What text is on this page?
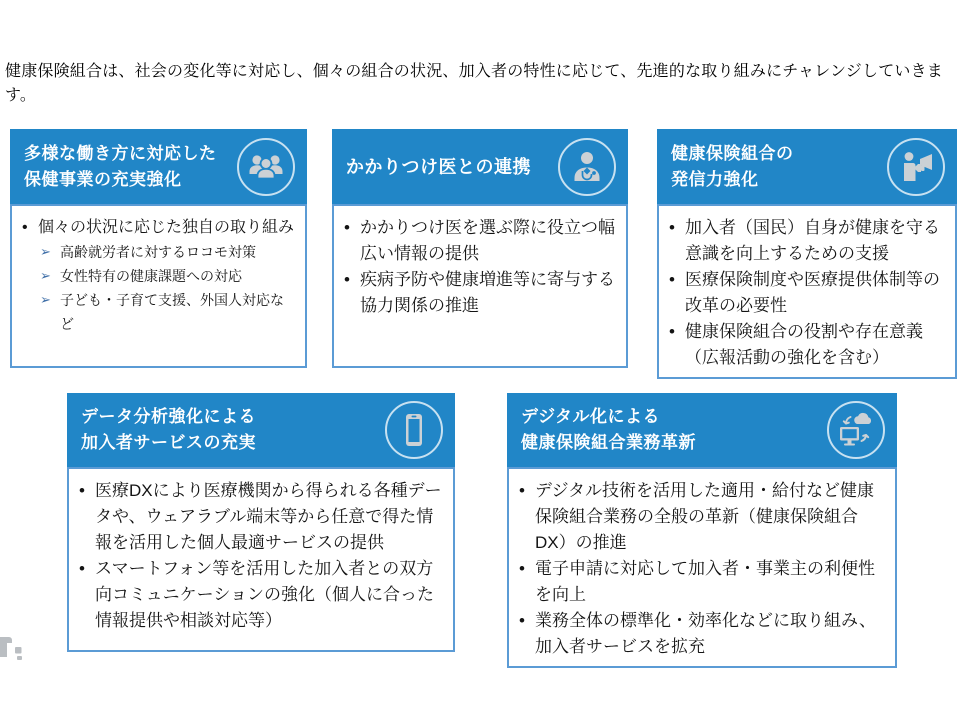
健康保険組合は、社会の変化等に対応し、個々の組合の状況、加入者の特性に応じて、先進的な取り組みにチャレンジしていきます。
多様な働き方に対応した
保健事業の充実強化
• 個々の状況に応じた独自の取り組み
➢ 高齢就労者に対するロコモ対策
➢ 女性特有の健康課題への対応
➢ 子ども・子育て支援、外国人対応など
かかりつけ医との連携
• かかりつけ医を選ぶ際に役立つ幅広い情報の提供
• 疾病予防や健康増進等に寄与する協力関係の推進
健康保険組合の
発信力強化
• 加入者（国民）自身が健康を守る意識を向上するための支援
• 医療保険制度や医療提供体制等の改革の必要性
• 健康保険組合の役割や存在意義（広報活動の強化を含む）
データ分析強化による
加入者サービスの充実
• 医療DXにより医療機関から得られる各種データや、ウェアラブル端末等から任意で得た情報を活用した個人最適サービスの提供
• スマートフォン等を活用した加入者との双方向コミュニケーションの強化（個人に合った情報提供や相談対応等）
デジタル化による
健康保険組合業務革新
• デジタル技術を活用した適用・給付など健康保険組合業務の全般の革新（健康保険組合DX）の推進
• 電子申請に対応して加入者・事業主の利便性を向上
• 業務全体の標準化・効率化などに取り組み、加入者サービスを拡充
